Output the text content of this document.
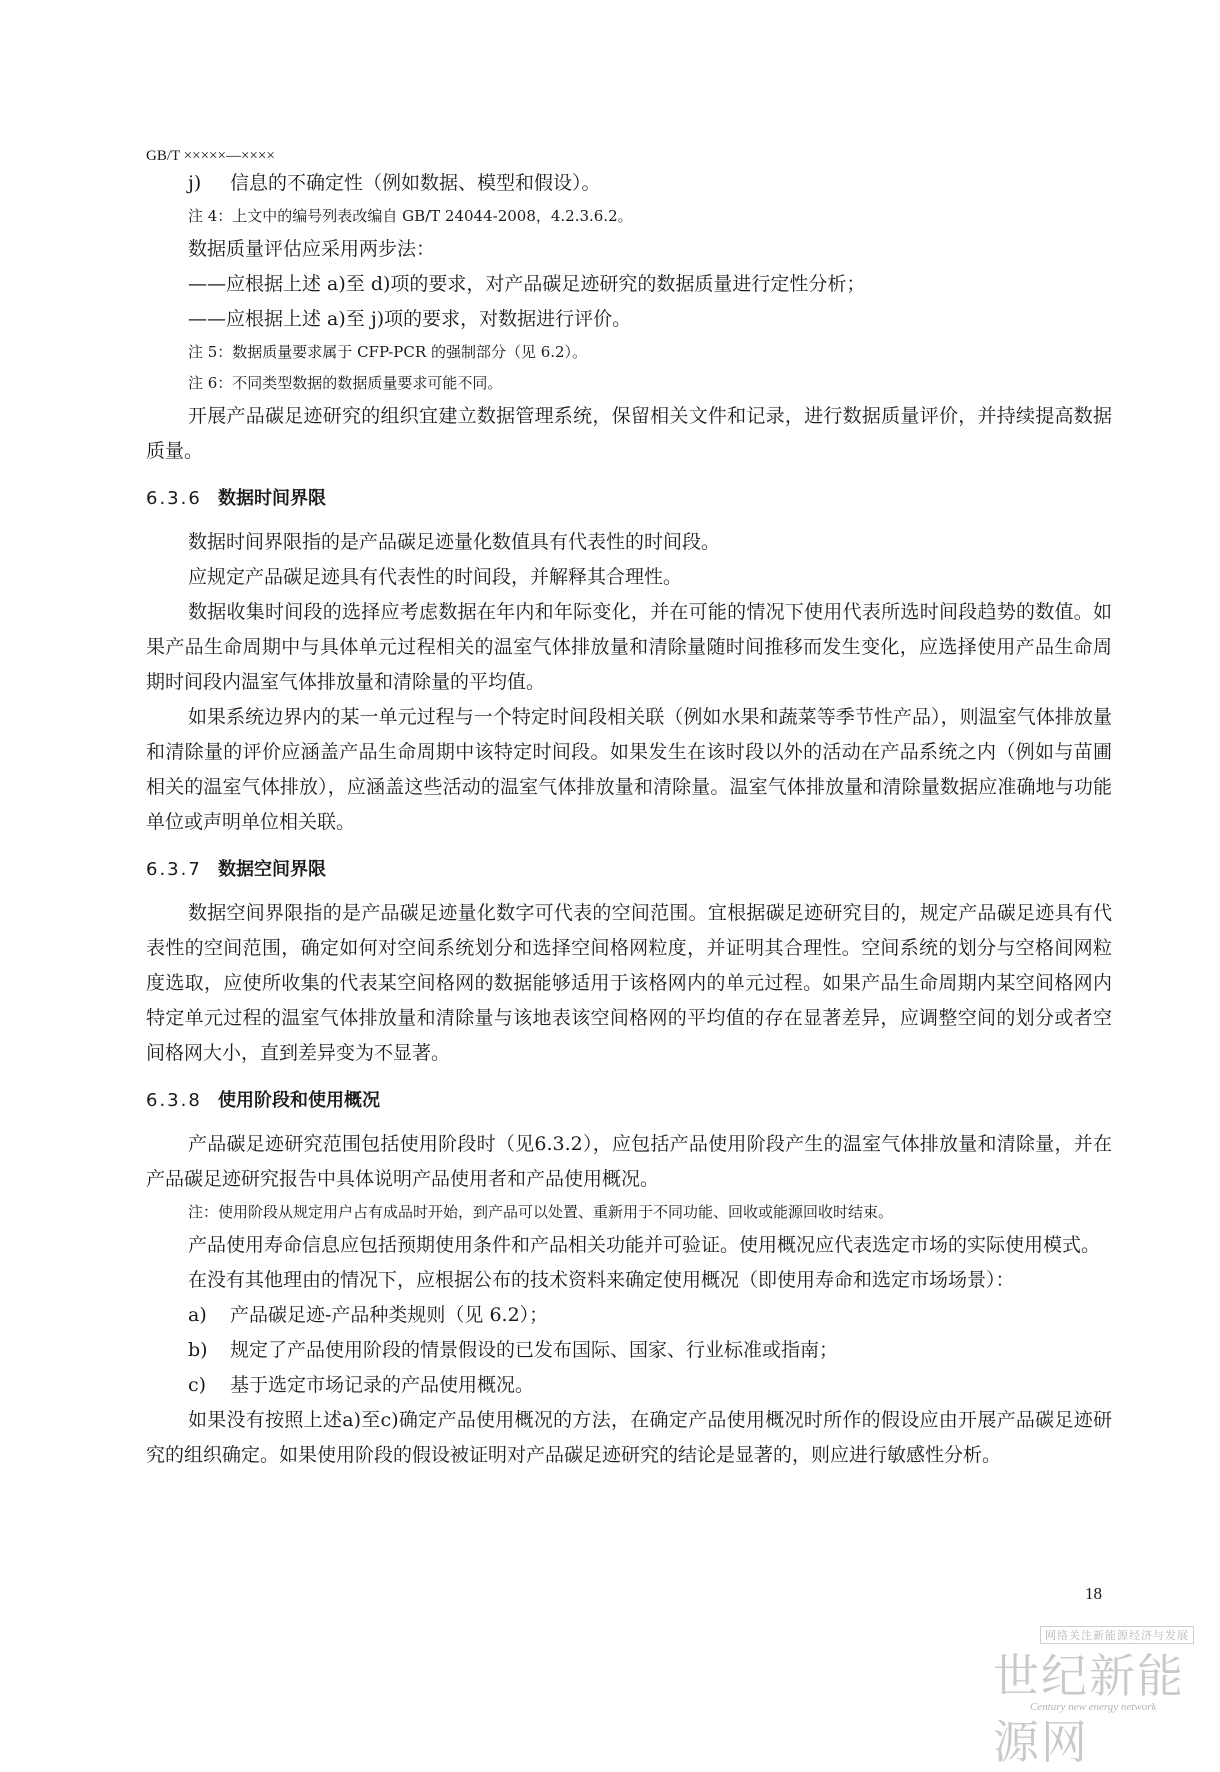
GB/T ×××××—××××
j)	信息的不确定性（例如数据、模型和假设）。

注 4：上文中的编号列表改编自 GB/T 24044-2008，4.2.3.6.2。

数据质量评估应采用两步法：

——应根据上述 a)至 d)项的要求，对产品碳足迹研究的数据质量进行定性分析；

——应根据上述 a)至 j)项的要求，对数据进行评价。

注 5：数据质量要求属于 CFP-PCR 的强制部分（见 6.2）。

注 6：不同类型数据的数据质量要求可能不同。

开展产品碳足迹研究的组织宜建立数据管理系统，保留相关文件和记录，进行数据质量评价，并持续提高数据质量。

6.3.6 数据时间界限

数据时间界限指的是产品碳足迹量化数值具有代表性的时间段。

应规定产品碳足迹具有代表性的时间段，并解释其合理性。

数据收集时间段的选择应考虑数据在年内和年际变化，并在可能的情况下使用代表所选时间段趋势的数值。如果产品生命周期中与具体单元过程相关的温室气体排放量和清除量随时间推移而发生变化，应选择使用产品生命周期时间段内温室气体排放量和清除量的平均值。

如果系统边界内的某一单元过程与一个特定时间段相关联（例如水果和蔬菜等季节性产品），则温室气体排放量和清除量的评价应涵盖产品生命周期中该特定时间段。如果发生在该时段以外的活动在产品系统之内（例如与苗圃相关的温室气体排放），应涵盖这些活动的温室气体排放量和清除量。温室气体排放量和清除量数据应准确地与功能单位或声明单位相关联。

6.3.7 数据空间界限

数据空间界限指的是产品碳足迹量化数字可代表的空间范围。宜根据碳足迹研究目的，规定产品碳足迹具有代表性的空间范围，确定如何对空间系统划分和选择空间格网粒度，并证明其合理性。空间系统的划分与空格间网粒度选取，应使所收集的代表某空间格网的数据能够适用于该格网内的单元过程。如果产品生命周期内某空间格网内特定单元过程的温室气体排放量和清除量与该地表该空间格网的平均值的存在显著差异，应调整空间的划分或者空间格网大小，直到差异变为不显著。

6.3.8 使用阶段和使用概况

产品碳足迹研究范围包括使用阶段时（见6.3.2），应包括产品使用阶段产生的温室气体排放量和清除量，并在产品碳足迹研究报告中具体说明产品使用者和产品使用概况。

注：使用阶段从规定用户占有成品时开始，到产品可以处置、重新用于不同功能、回收或能源回收时结束。

产品使用寿命信息应包括预期使用条件和产品相关功能并可验证。使用概况应代表选定市场的实际使用模式。

在没有其他理由的情况下，应根据公布的技术资料来确定使用概况（即使用寿命和选定市场场景）：

a)	产品碳足迹-产品种类规则（见 6.2）；
b)	规定了产品使用阶段的情景假设的已发布国际、国家、行业标准或指南；
c)	基于选定市场记录的产品使用概况。

如果没有按照上述a)至c)确定产品使用概况的方法，在确定产品使用概况时所作的假设应由开展产品碳足迹研究的组织确定。如果使用阶段的假设被证明对产品碳足迹研究的结论是显著的，则应进行敏感性分析。

18
网络关注新能源经济与发展
世纪新能源网
Century new energy network
